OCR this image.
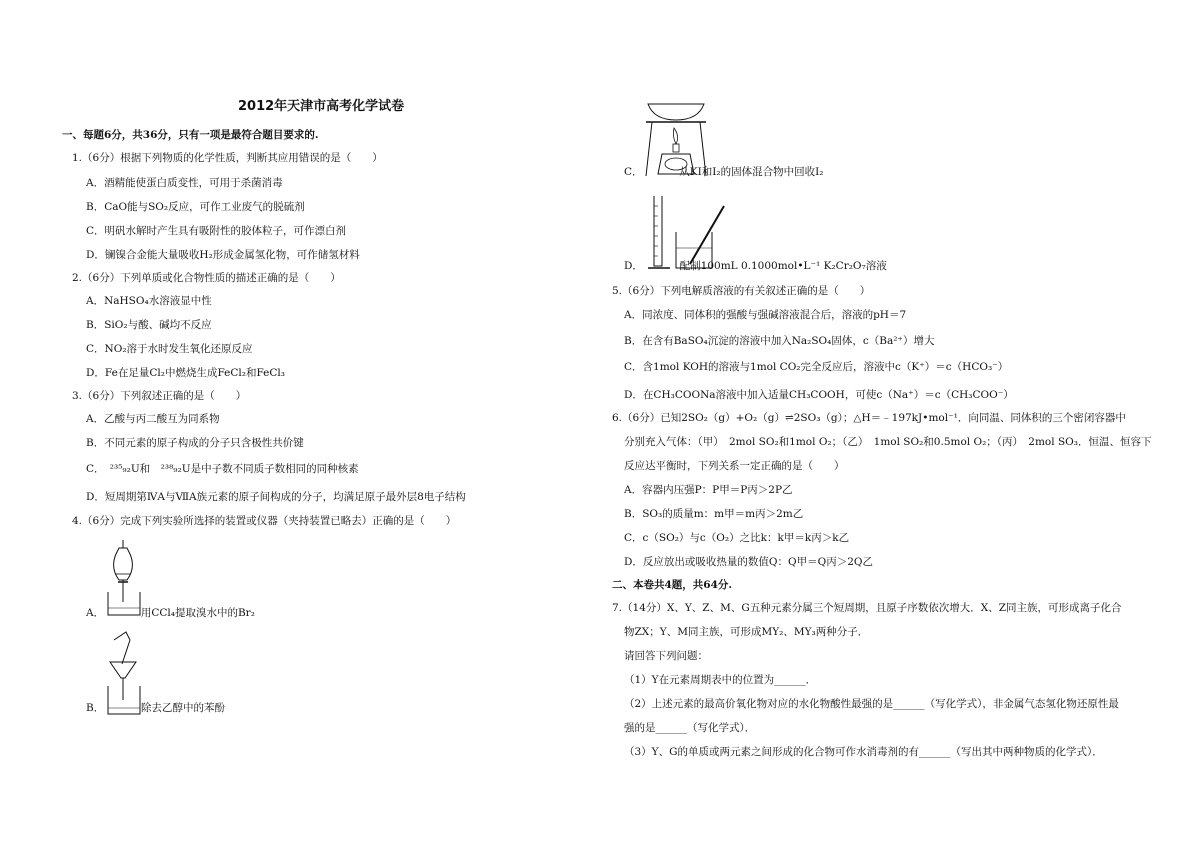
2012年天津市高考化学试卷
一、每题6分，共36分，只有一项是最符合题目要求的.
1.（6分）根据下列物质的化学性质，判断其应用错误的是（　　）
A．酒精能使蛋白质变性，可用于杀菌消毒
B．CaO能与SO₂反应，可作工业废气的脱硫剂
C．明矾水解时产生具有吸附性的胶体粒子，可作漂白剂
D．镧镍合金能大量吸收H₂形成金属氢化物，可作储氢材料
2.（6分）下列单质或化合物性质的描述正确的是（　　）
A．NaHSO₄水溶液显中性
B．SiO₂与酸、碱均不反应
C．NO₂溶于水时发生氧化还原反应
D．Fe在足量Cl₂中燃烧生成FeCl₂和FeCl₃
3.（6分）下列叙述正确的是（　　）
A．乙酸与丙二酸互为同系物
B．不同元素的原子构成的分子只含极性共价键
C．　²³⁵₉₂U和　²³⁸₉₂U是中子数不同质子数相同的同种核素
D．短周期第ⅣA与ⅦA族元素的原子间构成的分子，均满足原子最外层8电子结构
4.（6分）完成下列实验所选择的装置或仪器（夹持装置已略去）正确的是（　　）
A．　　　　用CCl₄提取溴水中的Br₂
B．　　　　除去乙醇中的苯酚
C．　　　　从KI和I₂的固体混合物中回收I₂
D．　　　　配制100mL 0.1000mol•L⁻¹ K₂Cr₂O₇溶液
5.（6分）下列电解质溶液的有关叙述正确的是（　　）
A．同浓度、同体积的强酸与强碱溶液混合后，溶液的pH＝7
B．在含有BaSO₄沉淀的溶液中加入Na₂SO₄固体，c（Ba²⁺）增大
C．含1mol KOH的溶液与1mol CO₂完全反应后，溶液中c（K⁺）＝c（HCO₃⁻）
D．在CH₃COONa溶液中加入适量CH₃COOH，可使c（Na⁺）＝c（CH₃COO⁻）
6.（6分）已知2SO₂（g）+O₂（g）⇌2SO₃（g）；△H＝﹣197kJ•mol⁻¹．向同温、同体积的三个密闭容器中
分别充入气体：（甲）　2mol SO₂和1mol O₂；（乙）　1mol SO₂和0.5mol O₂；（丙）　2mol SO₃．恒温、恒容下
反应达平衡时，下列关系一定正确的是（　　）
A．容器内压强P：P甲＝P丙＞2P乙
B．SO₃的质量m：m甲＝m丙＞2m乙
C．c（SO₂）与c（O₂）之比k：k甲＝k丙＞k乙
D．反应放出或吸收热量的数值Q：Q甲＝Q丙＞2Q乙
二、本卷共4题，共64分.
7.（14分）X、Y、Z、M、G五种元素分属三个短周期，且原子序数依次增大．X、Z同主族，可形成离子化合
物ZX；Y、M同主族，可形成MY₂、MY₃两种分子．
请回答下列问题：
（1）Y在元素周期表中的位置为______．
（2）上述元素的最高价氧化物对应的水化物酸性最强的是______（写化学式），非金属气态氢化物还原性最
强的是______（写化学式）．
（3）Y、G的单质或两元素之间形成的化合物可作水消毒剂的有______（写出其中两种物质的化学式）．
